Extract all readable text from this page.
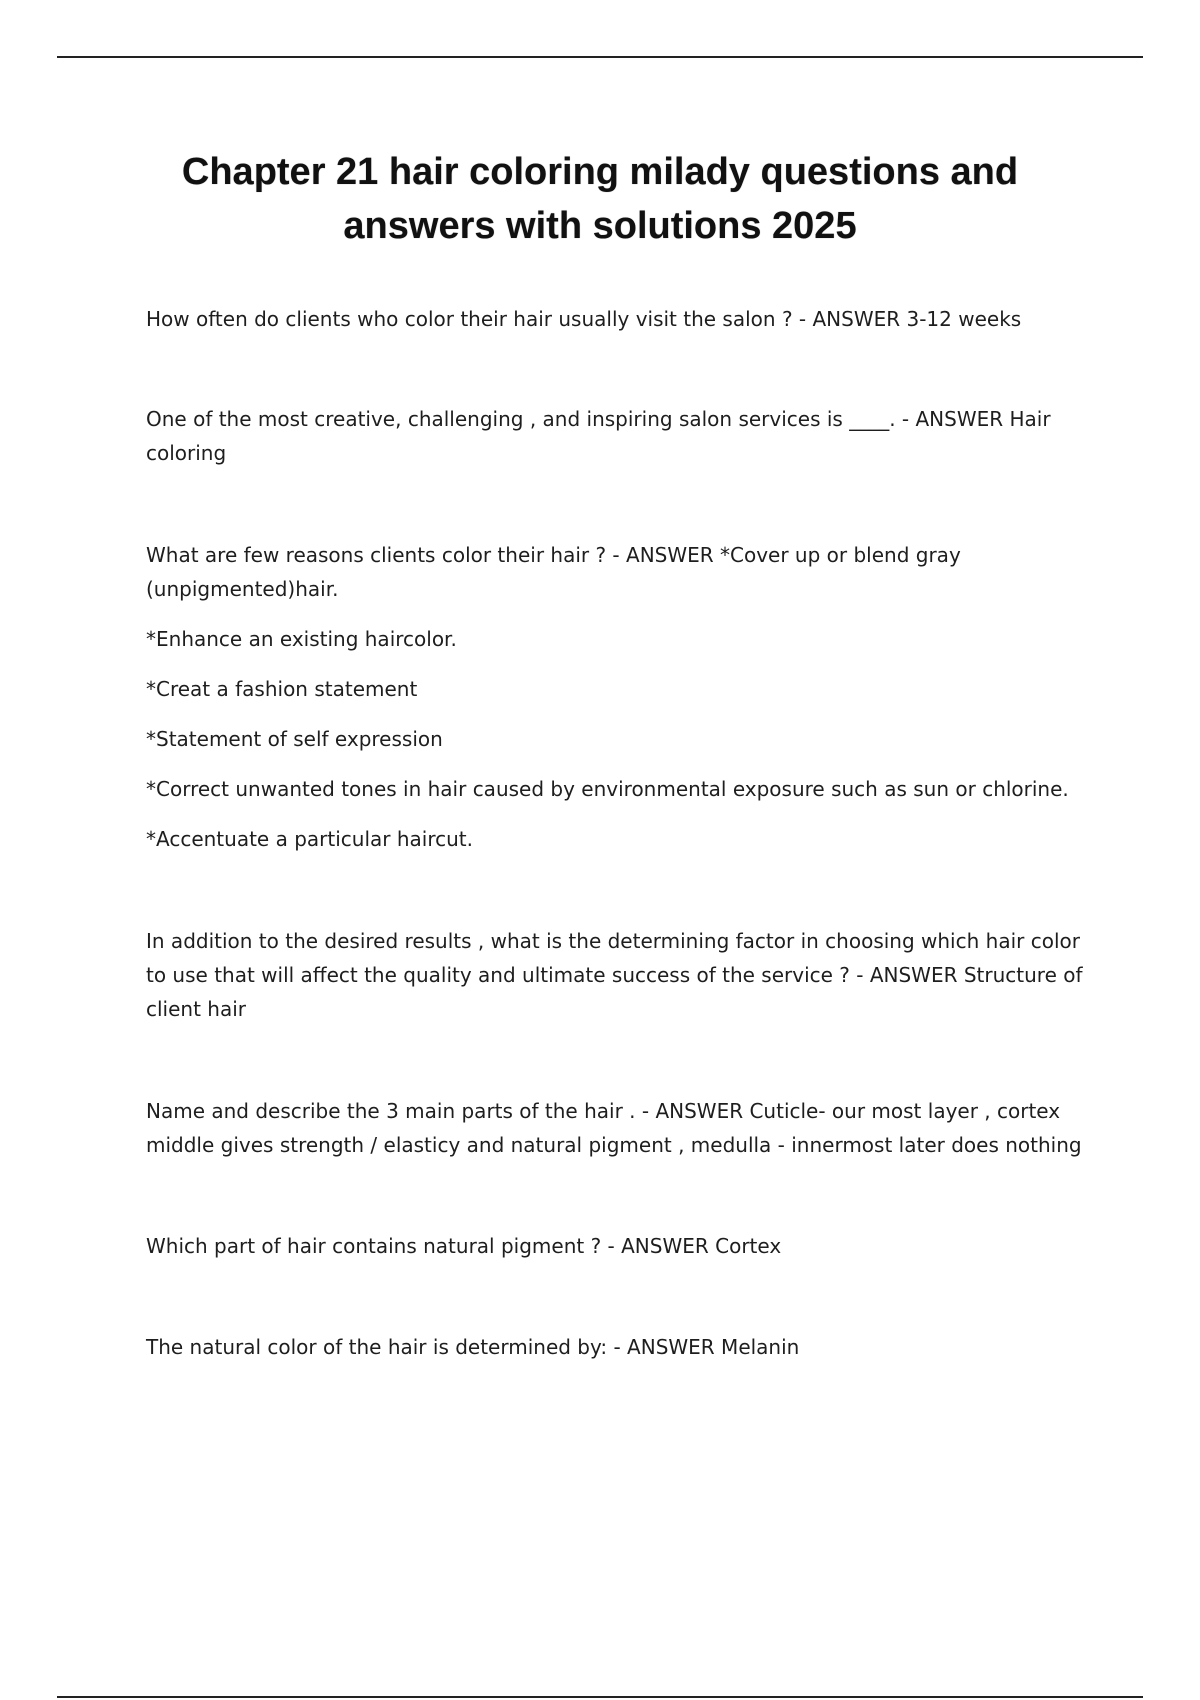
Chapter 21 hair coloring milady questions and answers with solutions 2025

How often do clients who color their hair usually visit the salon ? - ANSWER 3-12 weeks

One of the most creative, challenging , and inspiring salon services is ____. - ANSWER Hair coloring

What are few reasons clients color their hair ? - ANSWER *Cover up or blend gray (unpigmented)hair.

*Enhance an existing haircolor.

*Creat a fashion statement

*Statement of self expression

*Correct unwanted tones in hair caused by environmental exposure such as sun or chlorine.

*Accentuate a particular haircut.

In addition to the desired results , what is the determining factor in choosing which hair color to use that will affect the quality and ultimate success of the service ? - ANSWER Structure of client hair

Name and describe the 3 main parts of the hair . - ANSWER Cuticle- our most layer , cortex middle gives strength / elasticy and natural pigment , medulla - innermost later does nothing

Which part of hair contains natural pigment ? - ANSWER Cortex

The natural color of the hair is determined by: - ANSWER Melanin
